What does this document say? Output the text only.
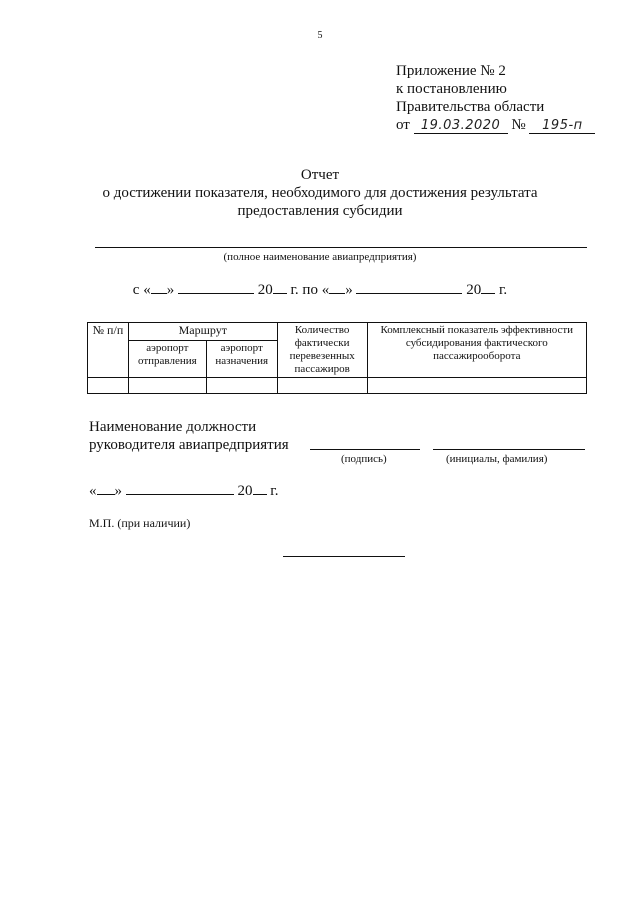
5
Приложение № 2
к постановлению
Правительства области
от 19.03.2020 № 195-п
Отчет
о достижении показателя, необходимого для достижения результата
предоставления субсидии
(полное наименование авиапредприятия)
с « »	20 г. по « »	20 г.
№ п/п	Маршрут		Количество фактически перевезенных пассажиров	Комплексный показатель эффективности субсидирования фактического пассажирооборота
	аэропорт отправления	аэропорт назначения		

Наименование должности
руководителя авиапредприятия
(подпись)	(инициалы, фамилия)
« »	20 г.
М.П. (при наличии)
